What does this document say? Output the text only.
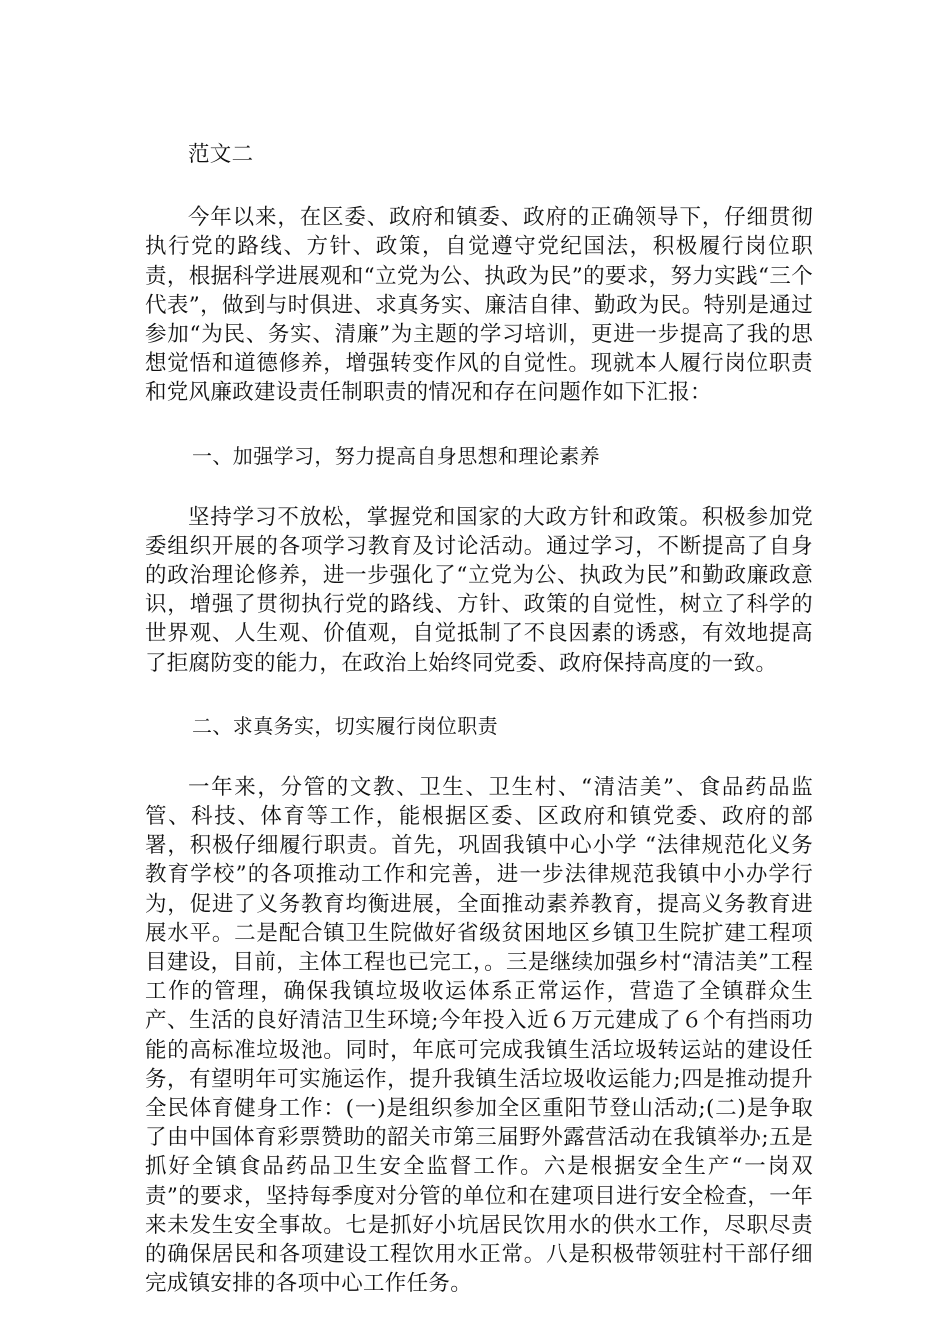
范文二

今年以来，在区委、政府和镇委、政府的正确领导下，仔细贯彻执行党的路线、方针、政策，自觉遵守党纪国法，积极履行岗位职责，根据科学进展观和“立党为公、执政为民”的要求，努力实践“三个代表”，做到与时俱进、求真务实、廉洁自律、勤政为民。特别是通过参加“为民、务实、清廉”为主题的学习培训，更进一步提高了我的思想觉悟和道德修养，增强转变作风的自觉性。现就本人履行岗位职责和党风廉政建设责任制职责的情况和存在问题作如下汇报：

一、加强学习，努力提高自身思想和理论素养

坚持学习不放松，掌握党和国家的大政方针和政策。积极参加党委组织开展的各项学习教育及讨论活动。通过学习，不断提高了自身的政治理论修养，进一步强化了“立党为公、执政为民”和勤政廉政意识，增强了贯彻执行党的路线、方针、政策的自觉性，树立了科学的世界观、人生观、价值观，自觉抵制了不良因素的诱惑，有效地提高了拒腐防变的能力，在政治上始终同党委、政府保持高度的一致。

二、求真务实，切实履行岗位职责

一年来，分管的文教、卫生、卫生村、“清洁美”、食品药品监管、科技、体育等工作，能根据区委、区政府和镇党委、政府的部署，积极仔细履行职责。首先，巩固我镇中心小学 “法律规范化义务教育学校”的各项推动工作和完善，进一步法律规范我镇中小办学行为，促进了义务教育均衡进展，全面推动素养教育，提高义务教育进展水平。二是配合镇卫生院做好省级贫困地区乡镇卫生院扩建工程项目建设，目前，主体工程也已完工，。三是继续加强乡村“清洁美”工程工作的管理，确保我镇垃圾收运体系正常运作，营造了全镇群众生产、生活的良好清洁卫生环境;今年投入近６万元建成了６个有挡雨功能的高标准垃圾池。同时，年底可完成我镇生活垃圾转运站的建设任务，有望明年可实施运作，提升我镇生活垃圾收运能力;四是推动提升全民体育健身工作：(一)是组织参加全区重阳节登山活动;(二)是争取了由中国体育彩票赞助的韶关市第三届野外露营活动在我镇举办;五是抓好全镇食品药品卫生安全监督工作。六是根据安全生产“一岗双责”的要求，坚持每季度对分管的单位和在建项目进行安全检查，一年来未发生安全事故。七是抓好小坑居民饮用水的供水工作，尽职尽责的确保居民和各项建设工程饮用水正常。八是积极带领驻村干部仔细完成镇安排的各项中心工作任务。
